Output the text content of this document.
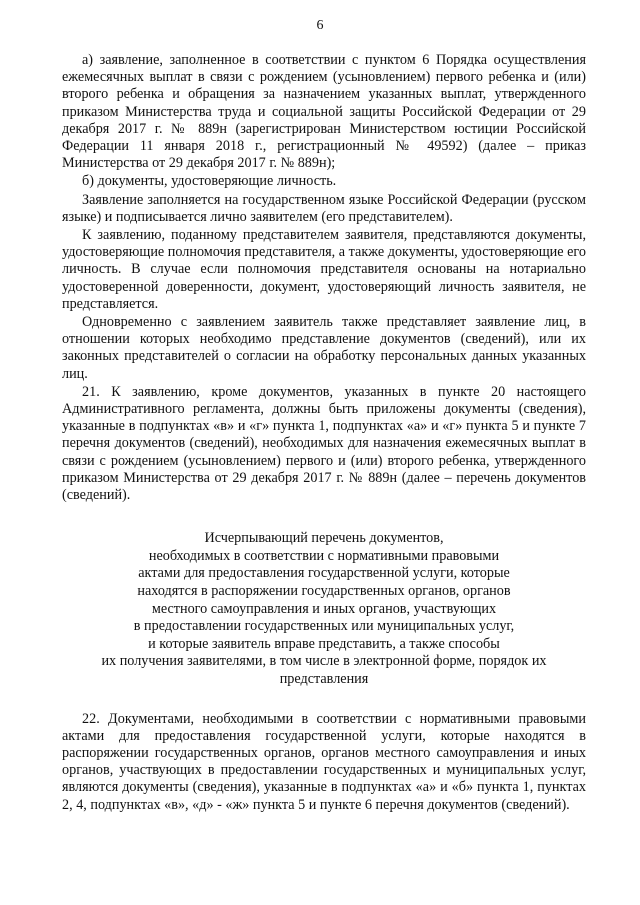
6

а) заявление, заполненное в соответствии с пунктом 6 Порядка осуществления ежемесячных выплат в связи с рождением (усыновлением) первого ребенка и (или) второго ребенка и обращения за назначением указанных выплат, утвержденного приказом Министерства труда и социальной защиты Российской Федерации от 29 декабря 2017 г. № 889н (зарегистрирован Министерством юстиции Российской Федерации 11 января 2018 г., регистрационный № 49592) (далее – приказ Министерства от 29 декабря 2017 г. № 889н);

б) документы, удостоверяющие личность.

Заявление заполняется на государственном языке Российской Федерации (русском языке) и подписывается лично заявителем (его представителем).

К заявлению, поданному представителем заявителя, представляются документы, удостоверяющие полномочия представителя, а также документы, удостоверяющие его личность. В случае если полномочия представителя основаны на нотариально удостоверенной доверенности, документ, удостоверяющий личность заявителя, не представляется.

Одновременно с заявлением заявитель также представляет заявление лиц, в отношении которых необходимо представление документов (сведений), или их законных представителей о согласии на обработку персональных данных указанных лиц.

21. К заявлению, кроме документов, указанных в пункте 20 настоящего Административного регламента, должны быть приложены документы (сведения), указанные в подпунктах «в» и «г» пункта 1, подпунктах «а» и «г» пункта 5 и пункте 7 перечня документов (сведений), необходимых для назначения ежемесячных выплат в связи с рождением (усыновлением) первого и (или) второго ребенка, утвержденного приказом Министерства от 29 декабря 2017 г. № 889н (далее – перечень документов (сведений).

Исчерпывающий перечень документов,
необходимых в соответствии с нормативными правовыми
актами для предоставления государственной услуги, которые
находятся в распоряжении государственных органов, органов
местного самоуправления и иных органов, участвующих
в предоставлении государственных или муниципальных услуг,
и которые заявитель вправе представить, а также способы
их получения заявителями, в том числе в электронной форме, порядок их
представления

22. Документами, необходимыми в соответствии с нормативными правовыми актами для предоставления государственной услуги, которые находятся в распоряжении государственных органов, органов местного самоуправления и иных органов, участвующих в предоставлении государственных и муниципальных услуг, являются документы (сведения), указанные в подпунктах «а» и «б» пункта 1, пунктах 2, 4, подпунктах «в», «д» - «ж» пункта 5 и пункте 6 перечня документов (сведений).
